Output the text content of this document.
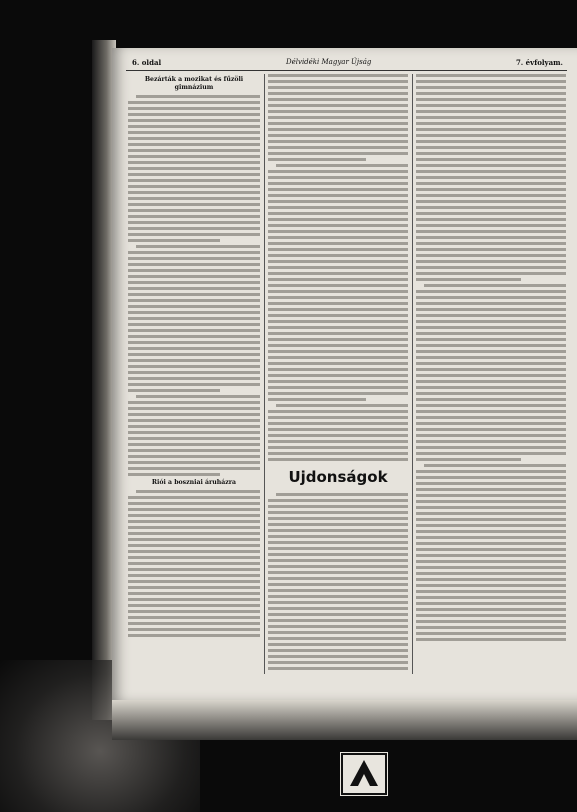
6. oldal	Délvidéki Magyar Újság	7. évfolyam.
Bezárták a mozikat és fűzöli gimnázium
Riói a boszniai áruházra	Ujdonságok
